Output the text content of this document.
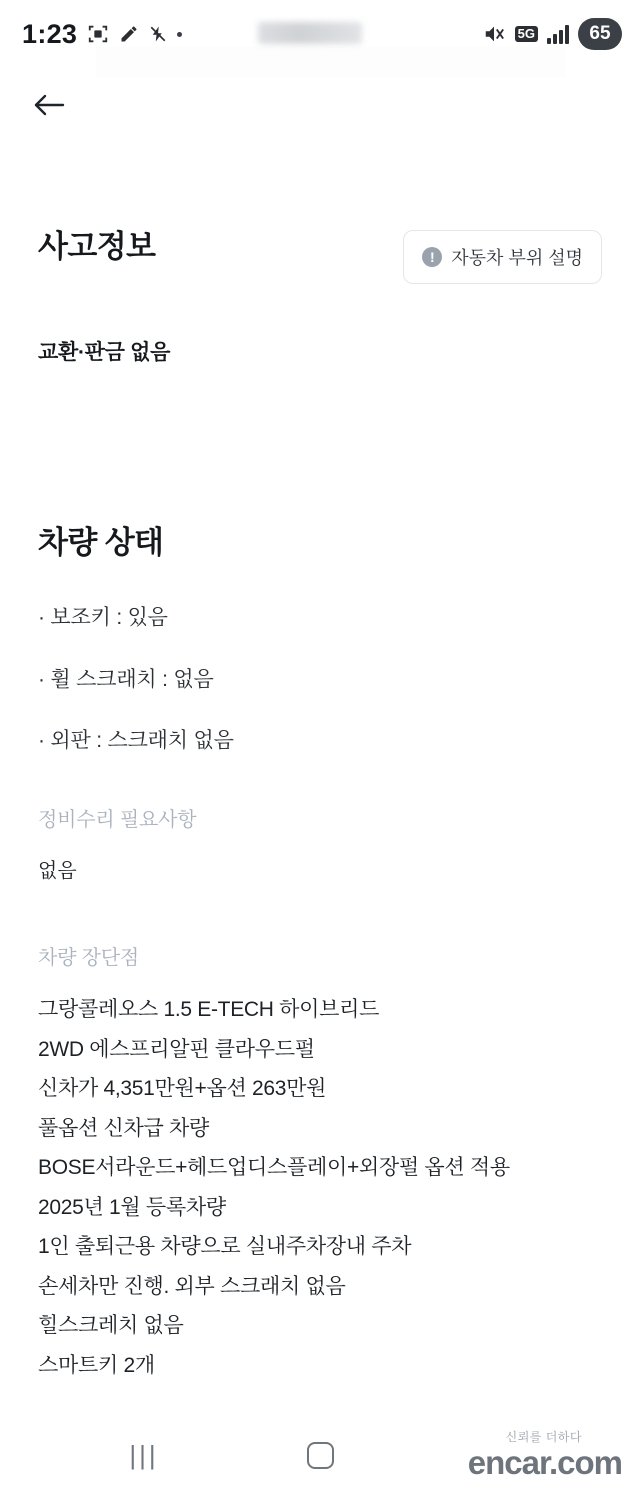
1:23	5G	65
사고정보	! 자동차 부위 설명
교환·판금 없음
차량 상태
· 보조키 : 있음
· 휠 스크래치 : 없음
· 외판 : 스크래치 없음
정비수리 필요사항
없음
차량 장단점
그랑콜레오스 1.5 E-TECH 하이브리드
2WD 에스프리알핀 클라우드펄
신차가 4,351만원+옵션 263만원
풀옵션 신차급 차량
BOSE서라운드+헤드업디스플레이+외장펄 옵션 적용
2025년 1월 등록차량
1인 출퇴근용 차량으로 실내주차장내 주차
손세차만 진행. 외부 스크래치 없음
힐스크레치 없음
스마트키 2개
신뢰를 더하다
encar.com
|||
